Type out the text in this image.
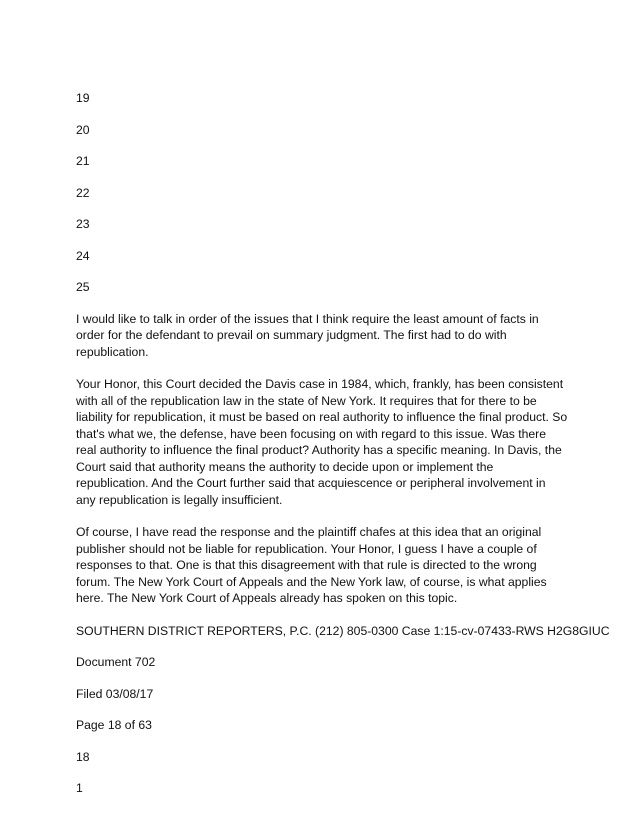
19
20
21
22
23
24
25

I would like to talk in order of the issues that I think require the least amount of facts in order for the defendant to prevail on summary judgment. The first had to do with republication.

Your Honor, this Court decided the Davis case in 1984, which, frankly, has been consistent with all of the republication law in the state of New York. It requires that for there to be liability for republication, it must be based on real authority to influence the final product. So that's what we, the defense, have been focusing on with regard to this issue. Was there real authority to influence the final product? Authority has a specific meaning. In Davis, the Court said that authority means the authority to decide upon or implement the republication. And the Court further said that acquiescence or peripheral involvement in any republication is legally insufficient.

Of course, I have read the response and the plaintiff chafes at this idea that an original publisher should not be liable for republication. Your Honor, I guess I have a couple of responses to that. One is that this disagreement with that rule is directed to the wrong forum. The New York Court of Appeals and the New York law, of course, is what applies here. The New York Court of Appeals already has spoken on this topic.

SOUTHERN DISTRICT REPORTERS, P.C. (212) 805-0300 Case 1:15-cv-07433-RWS H2G8GIUC
Document 702
Filed 03/08/17
Page 18 of 63
18
1
